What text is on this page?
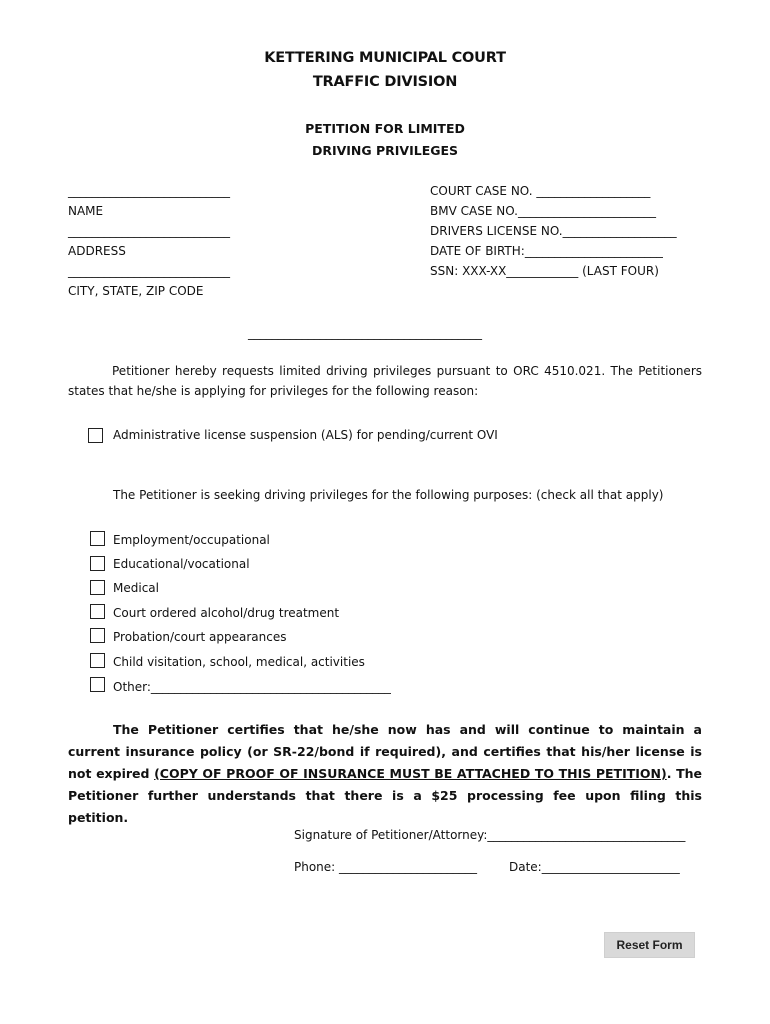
KETTERING MUNICIPAL COURT
TRAFFIC DIVISION
PETITION FOR LIMITED
DRIVING PRIVILEGES
___________________________
NAME
___________________________
ADDRESS
___________________________
CITY, STATE, ZIP CODE
COURT CASE NO. ___________________
BMV CASE NO._______________________
DRIVERS LICENSE NO.___________________
DATE OF BIRTH:_______________________
SSN: XXX-XX____________ (LAST FOUR)
_______________________________________
Petitioner hereby requests limited driving privileges pursuant to ORC 4510.021. The Petitioners states that he/she is applying for privileges for the following reason:
Administrative license suspension (ALS) for pending/current OVI
The Petitioner is seeking driving privileges for the following purposes: (check all that apply)
Employment/occupational
Educational/vocational
Medical
Court ordered alcohol/drug treatment
Probation/court appearances
Child visitation, school, medical, activities
Other:________________________________________
The Petitioner certifies that he/she now has and will continue to maintain a current insurance policy (or SR-22/bond if required), and certifies that his/her license is not expired (COPY OF PROOF OF INSURANCE MUST BE ATTACHED TO THIS PETITION). The Petitioner further understands that there is a $25 processing fee upon filing this petition.
Signature of Petitioner/Attorney:_________________________________
Phone: _______________________	Date:_______________________
Reset Form
